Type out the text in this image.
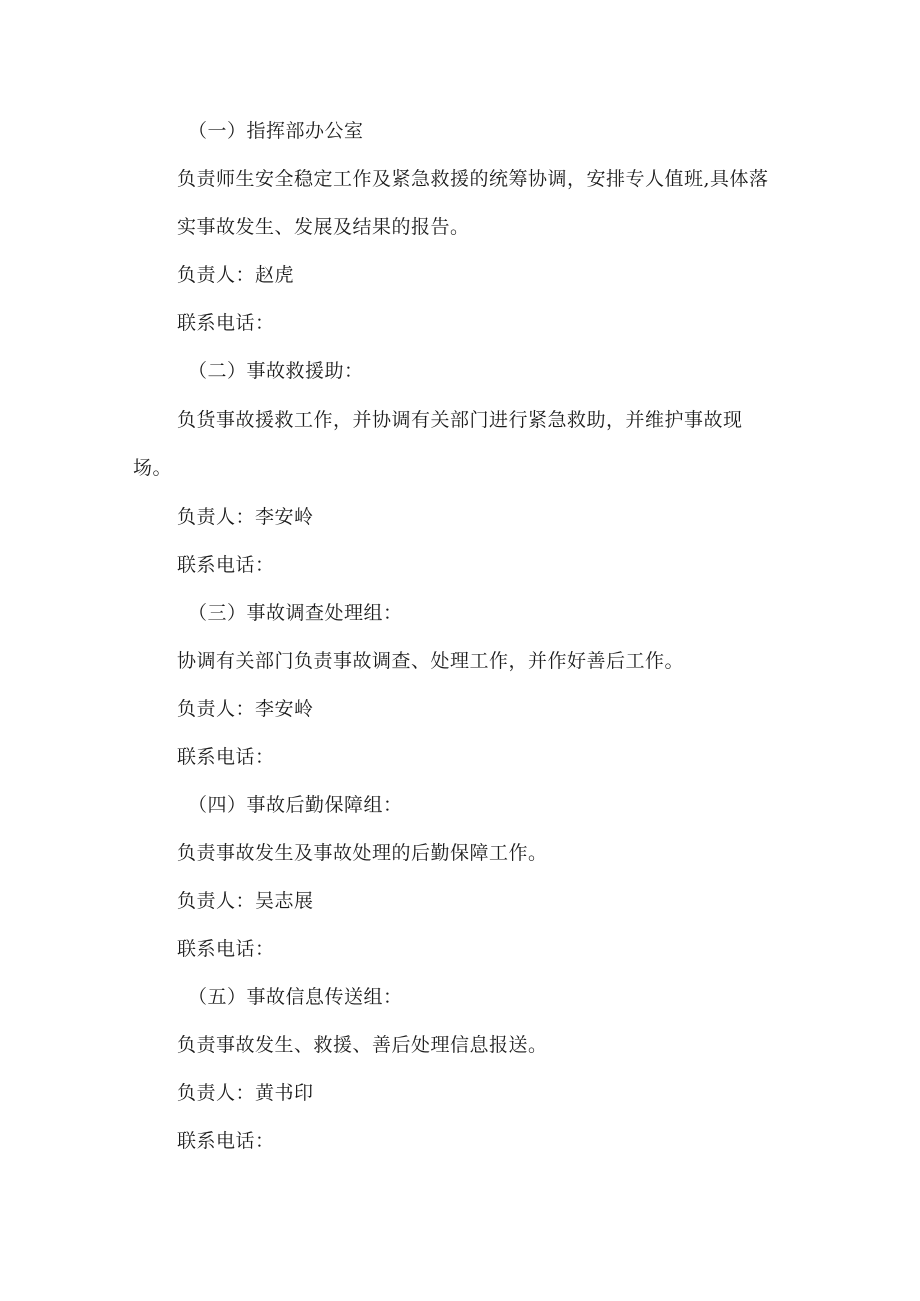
（一）指挥部办公室
负责师生安全稳定工作及紧急救援的统筹协调，安排专人值班,具体落
实事故发生、发展及结果的报告。
负责人：赵虎
联系电话：
（二）事故救援助：
负货事故援救工作，并协调有关部门进行紧急救助，并维护事故现
场。
负责人：李安岭
联系电话：
（三）事故调查处理组：
协调有关部门负责事故调查、处理工作，并作好善后工作。
负责人：李安岭
联系电话：
（四）事故后勤保障组：
负责事故发生及事故处理的后勤保障工作。
负责人：吴志展
联系电话：
（五）事故信息传送组：
负责事故发生、救援、善后处理信息报送。
负责人：黄书印
联系电话：
